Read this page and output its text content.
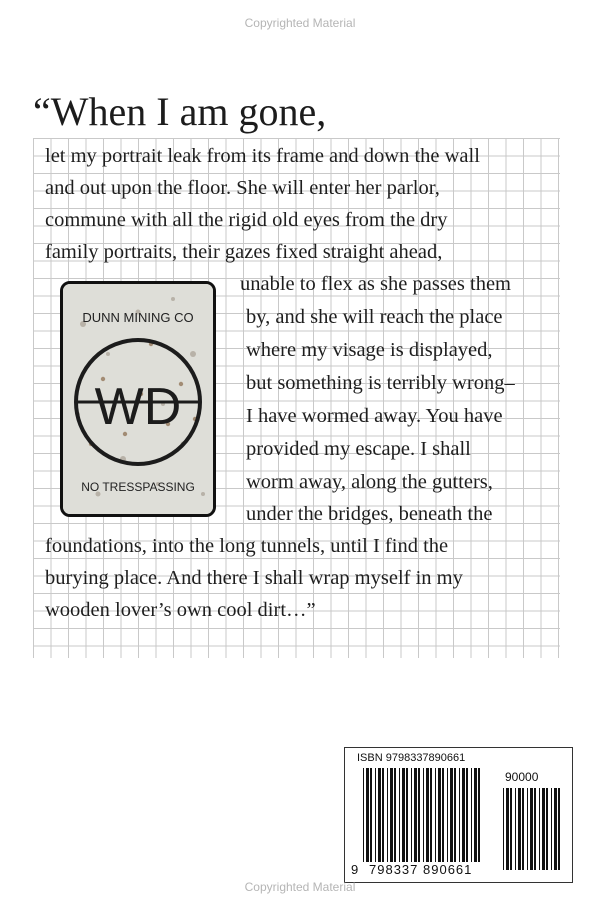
Copyrighted Material
“When I am gone,
let my portrait leak from its frame and down the wall
and out upon the floor. She will enter her parlor,
commune with all the rigid old eyes from the dry
family portraits, their gazes fixed straight ahead,
unable to flex as she passes them
by, and she will reach the place
where my visage is displayed,
but something is terribly wrong–
I have wormed away. You have
provided my escape. I shall
worm away, along the gutters,
under the bridges, beneath the
foundations, into the long tunnels, until I find the
burying place. And there I shall wrap myself in my
wooden lover’s own cool dirt…”
DUNN MINING CO
WD
NO TRESSPASSING
ISBN 9798337890661
90000
9 798337 890661
Copyrighted Material
